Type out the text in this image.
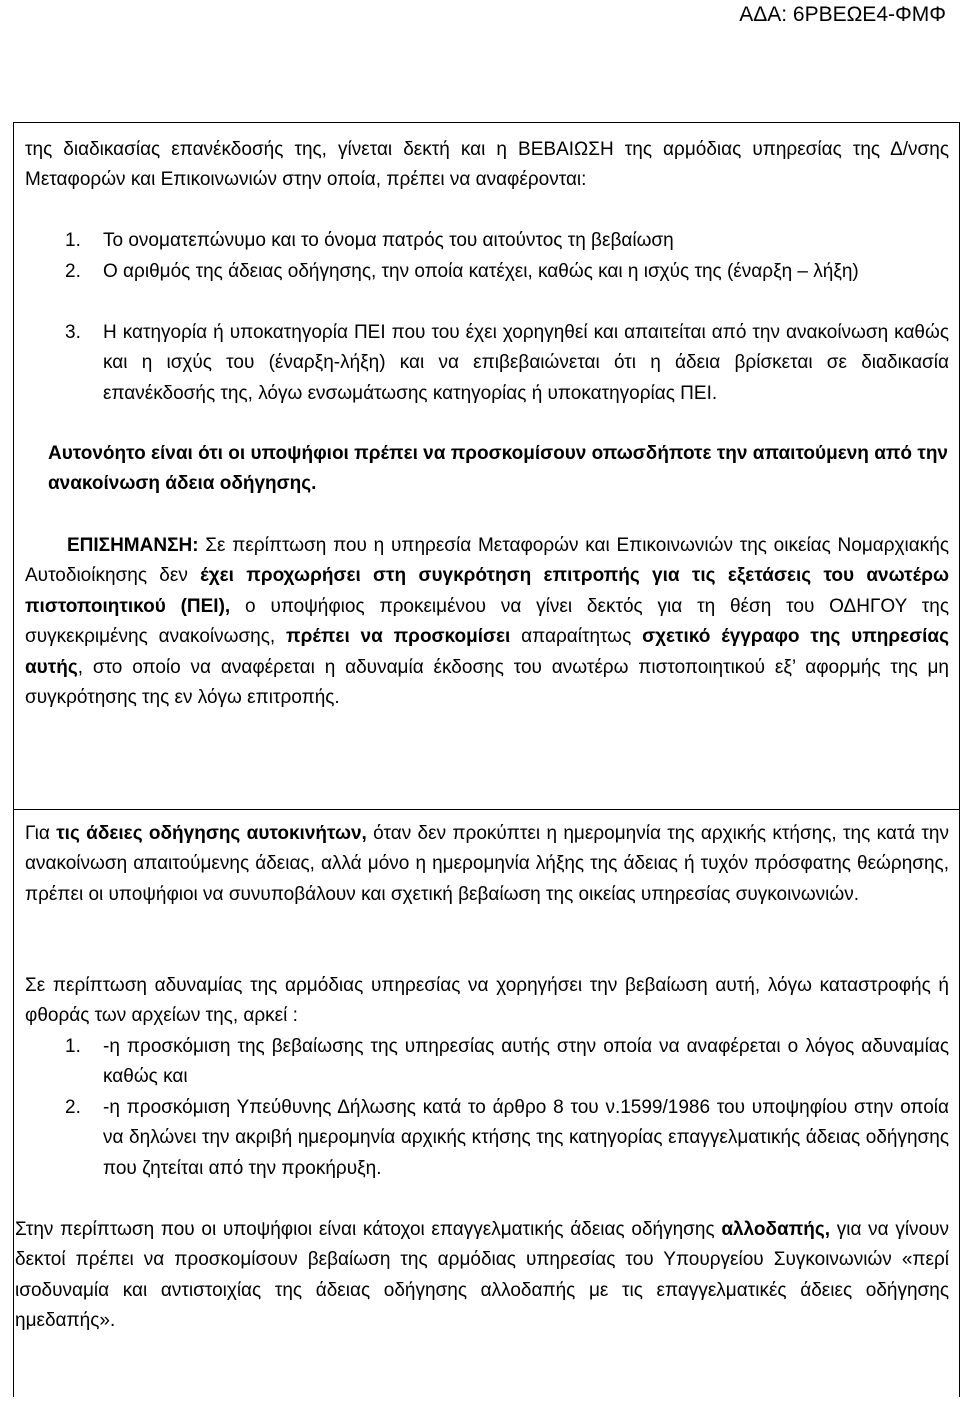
ΑΔΑ: 6ΡΒΕΩΕ4-ΦΜΦ
της διαδικασίας επανέκδοσής της, γίνεται δεκτή και η ΒΕΒΑΙΩΣΗ της αρμόδιας υπηρεσίας της Δ/νσης Μεταφορών και Επικοινωνιών στην οποία, πρέπει να αναφέρονται:
1. Το ονοματεπώνυμο και το όνομα πατρός του αιτούντος τη βεβαίωση
2. Ο αριθμός της άδειας οδήγησης, την οποία κατέχει, καθώς και η ισχύς της (έναρξη – λήξη)
3. Η κατηγορία ή υποκατηγορία ΠΕΙ που του έχει χορηγηθεί και απαιτείται από την ανακοίνωση καθώς και η ισχύς του (έναρξη-λήξη) και να επιβεβαιώνεται ότι η άδεια βρίσκεται σε διαδικασία επανέκδοσής της, λόγω ενσωμάτωσης κατηγορίας ή υποκατηγορίας ΠΕΙ.
Αυτονόητο είναι ότι οι υποψήφιοι πρέπει να προσκομίσουν οπωσδήποτε την απαιτούμενη από την ανακοίνωση άδεια οδήγησης.
ΕΠΙΣΗΜΑΝΣΗ: Σε περίπτωση που η υπηρεσία Μεταφορών και Επικοινωνιών της οικείας Νομαρχιακής Αυτοδιοίκησης δεν έχει προχωρήσει στη συγκρότηση επιτροπής για τις εξετάσεις του ανωτέρω πιστοποιητικού (ΠΕΙ), ο υποψήφιος προκειμένου να γίνει δεκτός για τη θέση του ΟΔΗΓΟΥ της συγκεκριμένης ανακοίνωσης, πρέπει να προσκομίσει απαραίτητως σχετικό έγγραφο της υπηρεσίας αυτής, στο οποίο να αναφέρεται η αδυναμία έκδοσης του ανωτέρω πιστοποιητικού εξ’ αφορμής της μη συγκρότησης της εν λόγω επιτροπής.
Για τις άδειες οδήγησης αυτοκινήτων, όταν δεν προκύπτει η ημερομηνία της αρχικής κτήσης, της κατά την ανακοίνωση απαιτούμενης άδειας, αλλά μόνο η ημερομηνία λήξης της άδειας ή τυχόν πρόσφατης θεώρησης, πρέπει οι υποψήφιοι να συνυποβάλουν και σχετική βεβαίωση της οικείας υπηρεσίας συγκοινωνιών.
Σε περίπτωση αδυναμίας της αρμόδιας υπηρεσίας να χορηγήσει την βεβαίωση αυτή, λόγω καταστροφής ή φθοράς των αρχείων της, αρκεί :
1. -η προσκόμιση της βεβαίωσης της υπηρεσίας αυτής στην οποία να αναφέρεται ο λόγος αδυναμίας καθώς και
2. -η προσκόμιση Υπεύθυνης Δήλωσης κατά το άρθρο 8 του ν.1599/1986 του υποψηφίου στην οποία να δηλώνει την ακριβή ημερομηνία αρχικής κτήσης της κατηγορίας επαγγελματικής άδειας οδήγησης που ζητείται από την προκήρυξη.
Στην περίπτωση που οι υποψήφιοι είναι κάτοχοι επαγγελματικής άδειας οδήγησης αλλοδαπής, για να γίνουν δεκτοί πρέπει να προσκομίσουν βεβαίωση της αρμόδιας υπηρεσίας του Υπουργείου Συγκοινωνιών «περί ισοδυναμία και αντιστοιχίας της άδειας οδήγησης αλλοδαπής με τις επαγγελματικές άδειες οδήγησης ημεδαπής».
